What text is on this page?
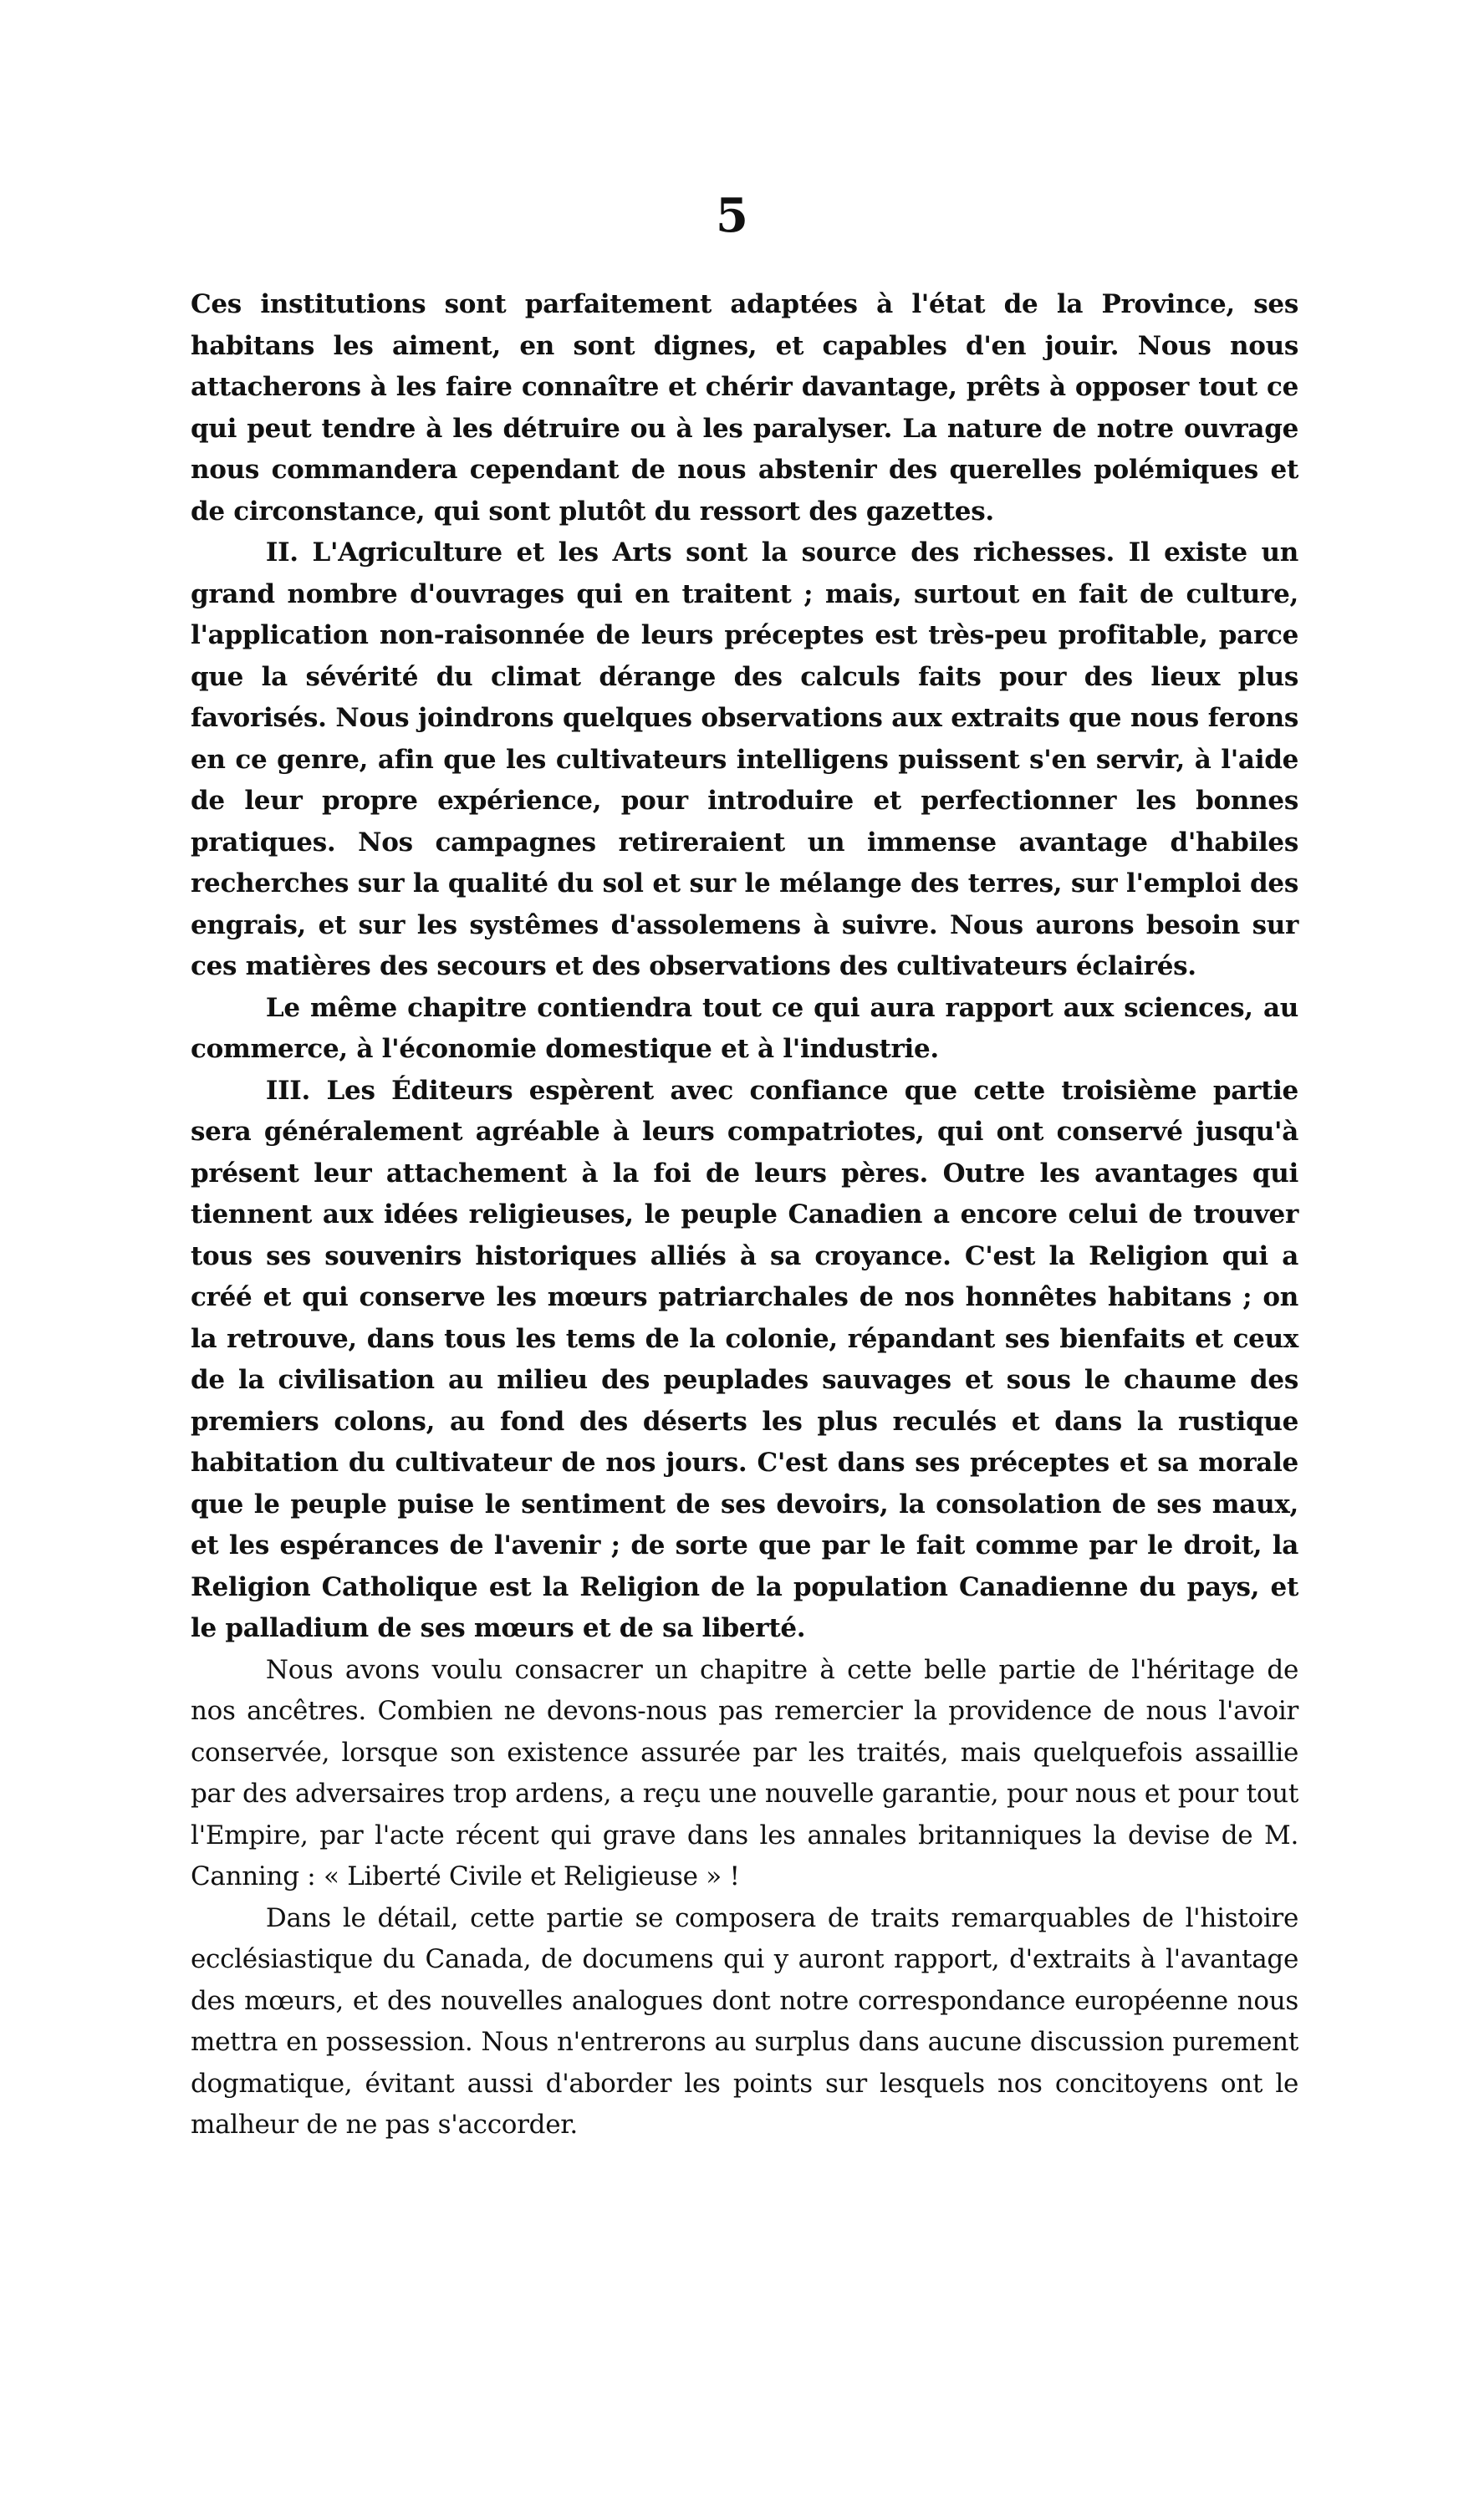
5

Ces institutions sont parfaitement adaptées à l'état de la Province, ses habitans les aiment, en sont dignes, et capables d'en jouir. Nous nous attacherons à les faire connaître et chérir davantage, prêts à opposer tout ce qui peut tendre à les détruire ou à les paralyser. La nature de notre ouvrage nous commandera cependant de nous abstenir des querelles polémiques et de circonstance, qui sont plutôt du ressort des gazettes.

II. L'Agriculture et les Arts sont la source des richesses. Il existe un grand nombre d'ouvrages qui en traitent ; mais, surtout en fait de culture, l'application non-raisonnée de leurs préceptes est très-peu profitable, parce que la sévérité du climat dérange des calculs faits pour des lieux plus favorisés. Nous joindrons quelques observations aux extraits que nous ferons en ce genre, afin que les cultivateurs intelligens puissent s'en servir, à l'aide de leur propre expérience, pour introduire et perfectionner les bonnes pratiques. Nos campagnes retireraient un immense avantage d'habiles recherches sur la qualité du sol et sur le mélange des terres, sur l'emploi des engrais, et sur les systêmes d'assolemens à suivre. Nous aurons besoin sur ces matières des secours et des observations des cultivateurs éclairés.

Le même chapitre contiendra tout ce qui aura rapport aux sciences, au commerce, à l'économie domestique et à l'industrie.

III. Les Éditeurs espèrent avec confiance que cette troisième partie sera généralement agréable à leurs compatriotes, qui ont conservé jusqu'à présent leur attachement à la foi de leurs pères. Outre les avantages qui tiennent aux idées religieuses, le peuple Canadien a encore celui de trouver tous ses souvenirs historiques alliés à sa croyance. C'est la Religion qui a créé et qui conserve les mœurs patriarchales de nos honnêtes habitans ; on la retrouve, dans tous les tems de la colonie, répandant ses bienfaits et ceux de la civilisation au milieu des peuplades sauvages et sous le chaume des premiers colons, au fond des déserts les plus reculés et dans la rustique habitation du cultivateur de nos jours. C'est dans ses préceptes et sa morale que le peuple puise le sentiment de ses devoirs, la consolation de ses maux, et les espérances de l'avenir ; de sorte que par le fait comme par le droit, la Religion Catholique est la Religion de la population Canadienne du pays, et le palladium de ses mœurs et de sa liberté.

Nous avons voulu consacrer un chapitre à cette belle partie de l'héritage de nos ancêtres. Combien ne devons-nous pas remercier la providence de nous l'avoir conservée, lorsque son existence assurée par les traités, mais quelquefois assaillie par des adversaires trop ardens, a reçu une nouvelle garantie, pour nous et pour tout l'Empire, par l'acte récent qui grave dans les annales britanniques la devise de M. Canning : « Liberté Civile et Religieuse » !

Dans le détail, cette partie se composera de traits remarquables de l'histoire ecclésiastique du Canada, de documens qui y auront rapport, d'extraits à l'avantage des mœurs, et des nouvelles analogues dont notre correspondance européenne nous mettra en possession. Nous n'entrerons au surplus dans aucune discussion purement dogmatique, évitant aussi d'aborder les points sur lesquels nos concitoyens ont le malheur de ne pas s'accorder.
